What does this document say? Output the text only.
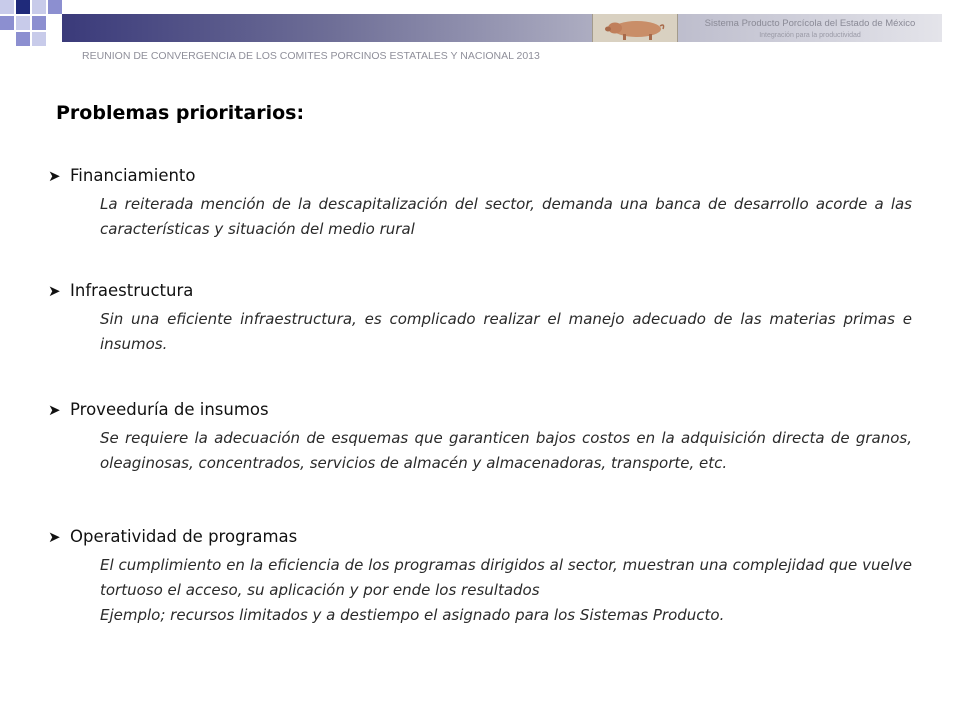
Sistema Producto Porcícola del Estado de México
Integración para la productividad
REUNION DE CONVERGENCIA DE LOS COMITES PORCINOS ESTATALES Y NACIONAL 2013
Problemas prioritarios:
➤ Financiamiento

La reiterada mención de la descapitalización del sector, demanda una banca de desarrollo acorde a las características y situación del medio rural

➤ Infraestructura

Sin una eficiente infraestructura, es complicado realizar el manejo adecuado de las materias primas e insumos.

➤ Proveeduría de insumos

Se requiere la adecuación de esquemas que garanticen bajos costos en la adquisición directa de granos, oleaginosas, concentrados, servicios de almacén y almacenadoras, transporte, etc.

➤ Operatividad de programas

El cumplimiento en la eficiencia de los programas dirigidos al sector, muestran una complejidad que vuelve tortuoso el acceso, su aplicación y por ende los resultados

Ejemplo; recursos limitados y a destiempo el asignado para los Sistemas Producto.
